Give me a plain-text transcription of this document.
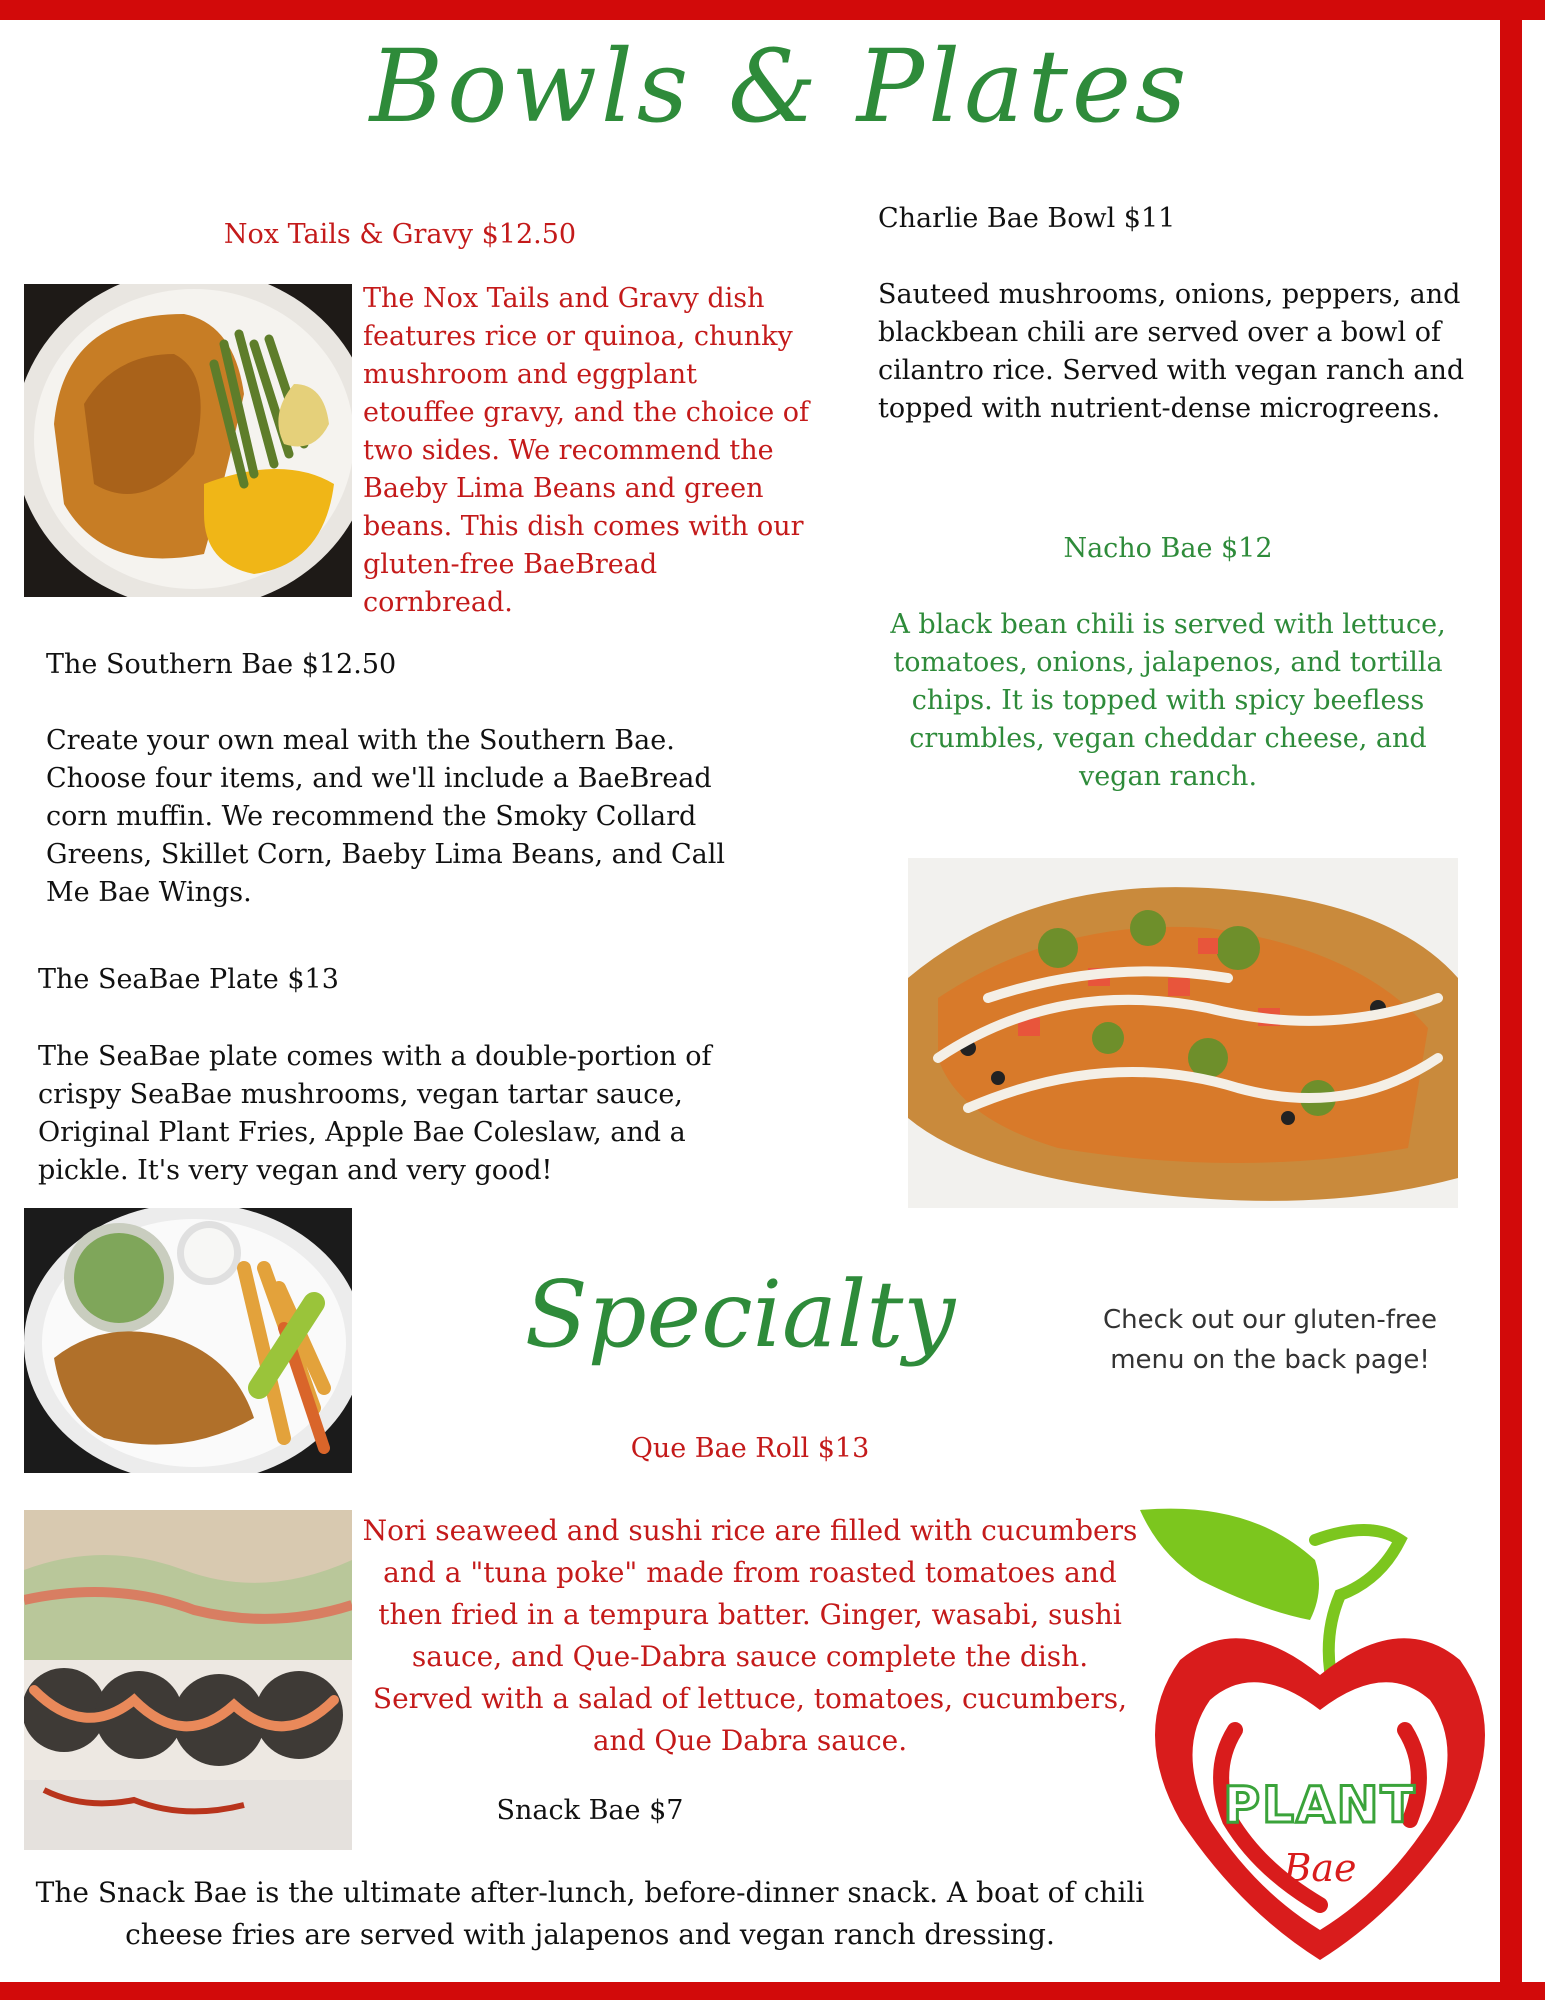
Bowls & Plates

Nox Tails & Gravy $12.50

The Nox Tails and Gravy dish features rice or quinoa, chunky mushroom and eggplant etouffee gravy, and the choice of two sides. We recommend the Baeby Lima Beans and green beans. This dish comes with our gluten-free BaeBread cornbread.

Charlie Bae Bowl $11

Sauteed mushrooms, onions, peppers, and blackbean chili are served over a bowl of cilantro rice. Served with vegan ranch and topped with nutrient-dense microgreens.

Nacho Bae $12

A black bean chili is served with lettuce, tomatoes, onions, jalapenos, and tortilla chips. It is topped with spicy beefless crumbles, vegan cheddar cheese, and vegan ranch.

The Southern Bae $12.50

Create your own meal with the Southern Bae. Choose four items, and we'll include a BaeBread corn muffin. We recommend the Smoky Collard Greens, Skillet Corn, Baeby Lima Beans, and Call Me Bae Wings.

The SeaBae Plate $13

The SeaBae plate comes with a double-portion of crispy SeaBae mushrooms, vegan tartar sauce, Original Plant Fries, Apple Bae Coleslaw, and a pickle. It's very vegan and very good!

Specialty	Check out our gluten-free menu on the back page!

Que Bae Roll $13

Nori seaweed and sushi rice are filled with cucumbers and a "tuna poke" made from roasted tomatoes and then fried in a tempura batter. Ginger, wasabi, sushi sauce, and Que-Dabra sauce complete the dish. Served with a salad of lettuce, tomatoes, cucumbers, and Que Dabra sauce.

Snack Bae $7

The Snack Bae is the ultimate after-lunch, before-dinner snack. A boat of chili cheese fries are served with jalapenos and vegan ranch dressing.

PLANT
Bae
